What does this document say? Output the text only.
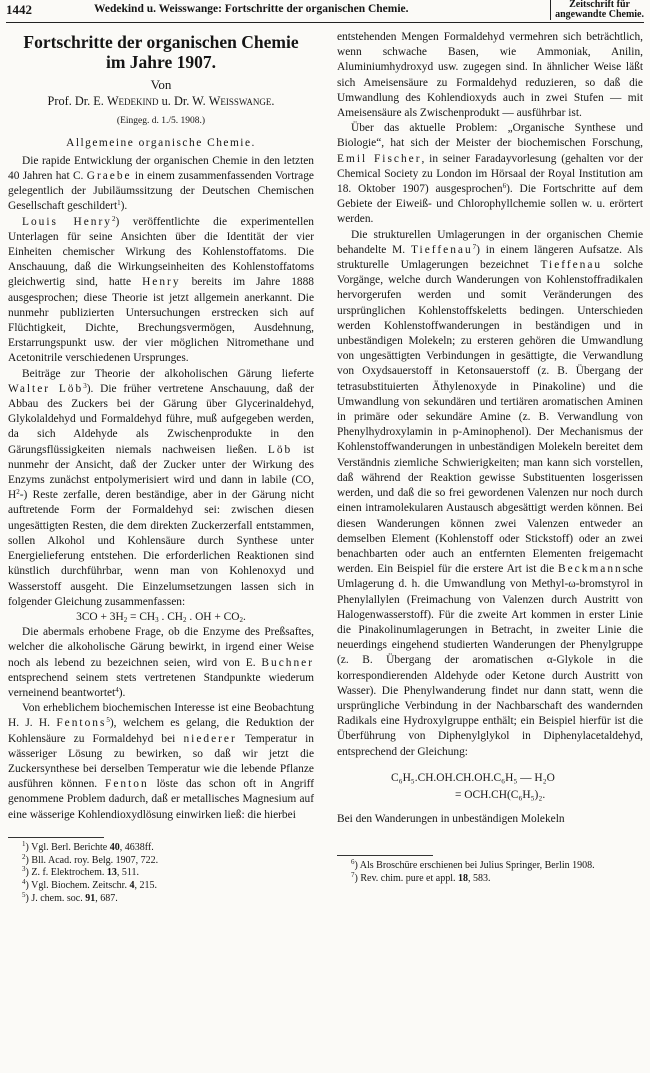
1442	Wedekind u. Weisswange: Fortschritte der organischen Chemie.	Zeitschrift für
angewandte Chemie.
Fortschritte der organischen Chemie
im Jahre 1907.
Von
Prof. Dr. E. Wedekind u. Dr. W. Weisswange.
(Eingeg. d. 1./5. 1908.)
Allgemeine organische Chemie.

Die rapide Entwicklung der organischen Chemie in den letzten 40 Jahren hat C. Graebe in einem zusammenfassenden Vortrage gelegentlich der Jubiläumssitzung der Deutschen Chemischen Gesellschaft geschildert$^1$).

Louis Henry$^2$) veröffentlichte die experimentellen Unterlagen für seine Ansichten über die Identität der vier Einheiten chemischer Wirkung des Kohlenstoffatoms. Die Anschauung, daß die Wirkungseinheiten des Kohlenstoffatoms gleichwertig sind, hatte Henry bereits im Jahre 1888 ausgesprochen; diese Theorie ist jetzt allgemein anerkannt. Die nunmehr publizierten Untersuchungen erstrecken sich auf Flüchtigkeit, Dichte, Brechungsvermögen, Ausdehnung, Erstarrungspunkt usw. der vier möglichen Nitromethane und Acetonitrile verschiedenen Ursprunges.

Beiträge zur Theorie der alkoholischen Gärung lieferte Walter Löb$^3$). Die früher vertretene Anschauung, daß der Abbau des Zuckers bei der Gärung über Glycerinaldehyd, Glykolaldehyd und Formaldehyd führe, muß aufgegeben werden, da sich Aldehyde als Zwischenprodukte in den Gärungsflüssigkeiten niemals nachweisen ließen. Löb ist nunmehr der Ansicht, daß der Zucker unter der Wirkung des Enzyms zunächst entpolymerisiert wird und dann in labile (CO, $H^2-$) Reste zerfalle, deren beständige, aber in der Gärung nicht auftretende Form der Formaldehyd sei: zwischen diesen ungesättigten Resten, die dem direkten Zuckerzerfall entstammen, sollen Alkohol und Kohlensäure durch Synthese unter Energielieferung entstehen. Die erforderlichen Reaktionen sind künstlich durchführbar, wenn man von Kohlenoxyd und Wasserstoff ausgeht. Die Einzelumsetzungen lassen sich in folgender Gleichung zusammenfassen:

$3CO + 3H_2 = CH_3$ . $CH_2$ . OH + $CO_2$.

Die abermals erhobene Frage, ob die Enzyme des Preßsaftes, welcher die alkoholische Gärung bewirkt, in irgend einer Weise noch als lebend zu bezeichnen seien, wird von E. Buchner entsprechend seinem stets vertretenen Standpunkte wiederum verneinend beantwortet$^4$).

Von erheblichem biochemischen Interesse ist eine Beobachtung H. J. H. Fentons$^5$), welchem es gelang, die Reduktion der Kohlensäure zu Formaldehyd bei niederer Temperatur in wässeriger Lösung zu bewirken, so daß wir jetzt die Zuckersynthese bei derselben Temperatur wie die lebende Pflanze ausführen können. Fenton löste das schon oft in Angriff genommene Problem dadurch, daß er metallisches Magnesium auf eine wässerige Kohlendioxydlösung einwirken ließ: die hierbei

$^1$) Vgl. Berl. Berichte 40, 4638ff.

$^2$) Bll. Acad. roy. Belg. 1907, 722.

$^3$) Z. f. Elektrochem. 13, 511.

$^4$) Vgl. Biochem. Zeitschr. 4, 215.

$^5$) J. chem. soc. 91, 687.

entstehenden Mengen Formaldehyd vermehren sich beträchtlich, wenn schwache Basen, wie Ammoniak, Anilin, Aluminiumhydroxyd usw. zugegen sind. In ähnlicher Weise läßt sich Ameisensäure zu Formaldehyd reduzieren, so daß die Umwandlung des Kohlendioxyds auch in zwei Stufen — mit Ameisensäure als Zwischenprodukt — ausführbar ist.

Über das aktuelle Problem: „Organische Synthese und Biologie“, hat sich der Meister der biochemischen Forschung, Emil Fischer, in seiner Faradayvorlesung (gehalten vor der Chemical Society zu London im Hörsaal der Royal Institution am 18. Oktober 1907) ausgesprochen$^6$). Die Fortschritte auf dem Gebiete der Eiweiß- und Chlorophyllchemie sollen w. u. erörtert werden.

Die strukturellen Umlagerungen in der organischen Chemie behandelte M. Tieffenau$^7$) in einem längeren Aufsatze. Als strukturelle Umlagerungen bezeichnet Tieffenau solche Vorgänge, welche durch Wanderungen von Kohlenstoffradikalen hervorgerufen werden und somit Veränderungen des ursprünglichen Kohlenstoffskeletts bedingen. Unterschieden werden Kohlenstoffwanderungen in beständigen und in unbeständigen Molekeln; zu ersteren gehören die Umwandlung von ungesättigten Verbindungen in gesättigte, die Verwandlung von Oxydsauerstoff in Ketonsauerstoff (z. B. Übergang der tetrasubstituierten Äthylenoxyde in Pinakoline) und die Umwandlung von sekundären und tertiären aromatischen Aminen in primäre oder sekundäre Amine (z. B. Verwandlung von Phenylhydroxylamin in p-Aminophenol). Der Mechanismus der Kohlenstoffwanderungen in unbeständigen Molekeln bereitet dem Verständnis ziemliche Schwierigkeiten; man kann sich vorstellen, daß während der Reaktion gewisse Substituenten losgerissen werden, und daß die so frei gewordenen Valenzen nur noch durch einen intramolekularen Austausch abgesättigt werden können. Bei diesen Wanderungen können zwei Valenzen entweder an demselben Element (Kohlenstoff oder Stickstoff) oder an zwei benachbarten oder auch an entfernten Elementen freigemacht werden. Ein Beispiel für die erstere Art ist die Beckmannsche Umlagerung d. h. die Umwandlung von Methyl-ω-bromstyrol in Phenylallylen (Freimachung von Valenzen durch Austritt von Halogenwasserstoff). Für die zweite Art kommen in erster Linie die Pinakolinumlagerungen in Betracht, in zweiter Linie die neuerdings eingehend studierten Wanderungen der Phenylgruppe (z. B. Übergang der aromatischen α-Glykole in die korrespondierenden Aldehyde oder Ketone durch Austritt von Wasser). Die Phenylwanderung findet nur dann statt, wenn die ursprüngliche Verbindung in der Nachbarschaft des wandernden Radikals eine Hydroxylgruppe enthält; ein Beispiel hierfür ist die Überführung von Diphenylglykol in Diphenylacetaldehyd, entsprechend der Gleichung:

C₆H₅.CH.OH.CH.OH.C₆H₅ — H₂O
= OCH.CH(C₆H₅)₂.

Bei den Wanderungen in unbeständigen Molekeln

$^6$) Als Broschüre erschienen bei Julius Springer, Berlin 1908.

$^7$) Rev. chim. pure et appl. 18, 583.
